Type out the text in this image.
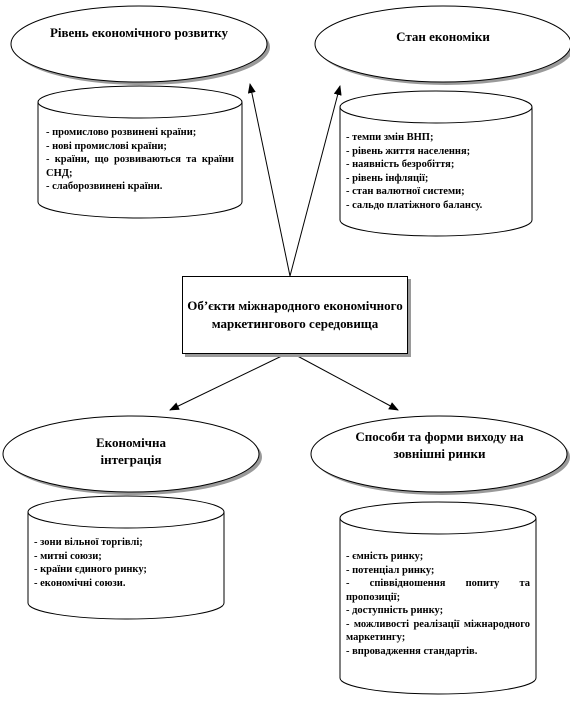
Рівень економічного розвитку	Стан економіки
Економічна інтеграція
Способи та форми виходу на зовнішні ринки
Об’єкти міжнародного економічного маркетингового середовища
- промислово розвинені країни;
- нові промислові країни;
- країни, що розвиваються та країни СНД;
- слаборозвинені країни.
- темпи змін ВНП;
- рівень життя населення;
- наявність безробіття;
- рівень інфляції;
- стан валютної системи;
- сальдо платіжного балансу.
- зони вільної торгівлі;
- митні союзи;
- країни єдиного ринку;
- економічні союзи.
- ємність ринку;
- потенціал ринку;
- співвідношення попиту та пропозиції;
- доступність ринку;
- можливості реалізації міжнародного маркетингу;
- впровадження стандартів.
